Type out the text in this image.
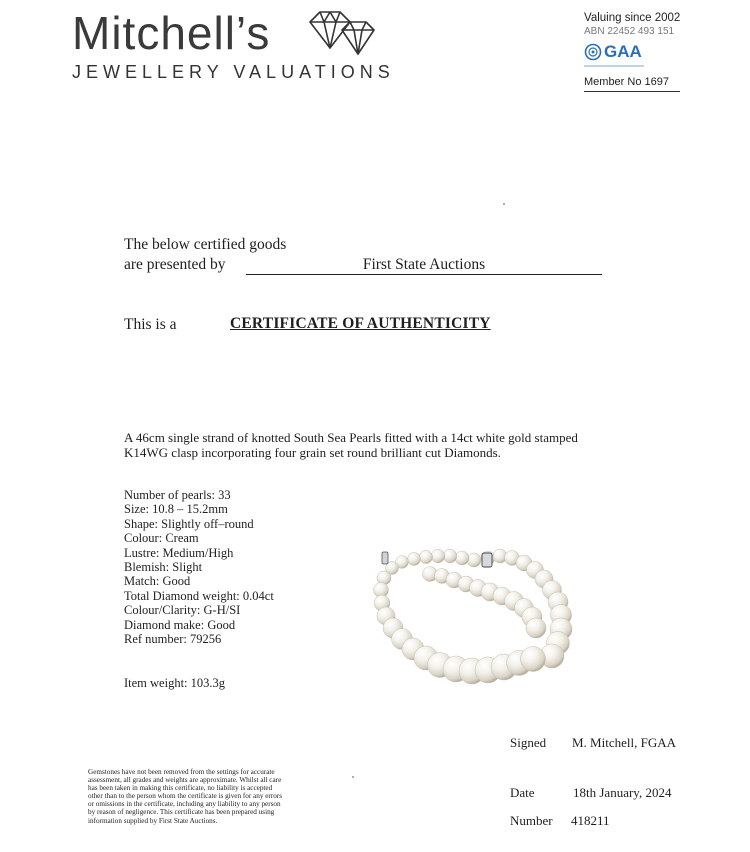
Mitchell’s
JEWELLERY VALUATIONS
Valuing since 2002
ABN 22452 493 151
GAA
Member No 1697
The below certified goods
are presented by	First State Auctions
This is a	CERTIFICATE OF AUTHENTICITY
A 46cm single strand of knotted South Sea Pearls fitted with a 14ct white gold stamped K14WG clasp incorporating four grain set round brilliant cut Diamonds.
Number of pearls: 33
Size: 10.8 – 15.2mm
Shape: Slightly off–round
Colour: Cream
Lustre: Medium/High
Blemish: Slight
Match: Good
Total Diamond weight: 0.04ct
Colour/Clarity: G-H/SI
Diamond make: Good
Ref number: 79256
Item weight: 103.3g
Signed M. Mitchell, FGAA
Date	18th January, 2024
Number 418211
Gemstones have not been removed from the settings for accurate assessment, all grades and weights are approximate. Whilst all care has been taken in making this certificate, no liability is accepted other than to the person whom the certificate is given for any errors or omissions in the certificate, including any liability to any person by reason of negligence. This certificate has been prepared using information supplied by First State Auctions.
